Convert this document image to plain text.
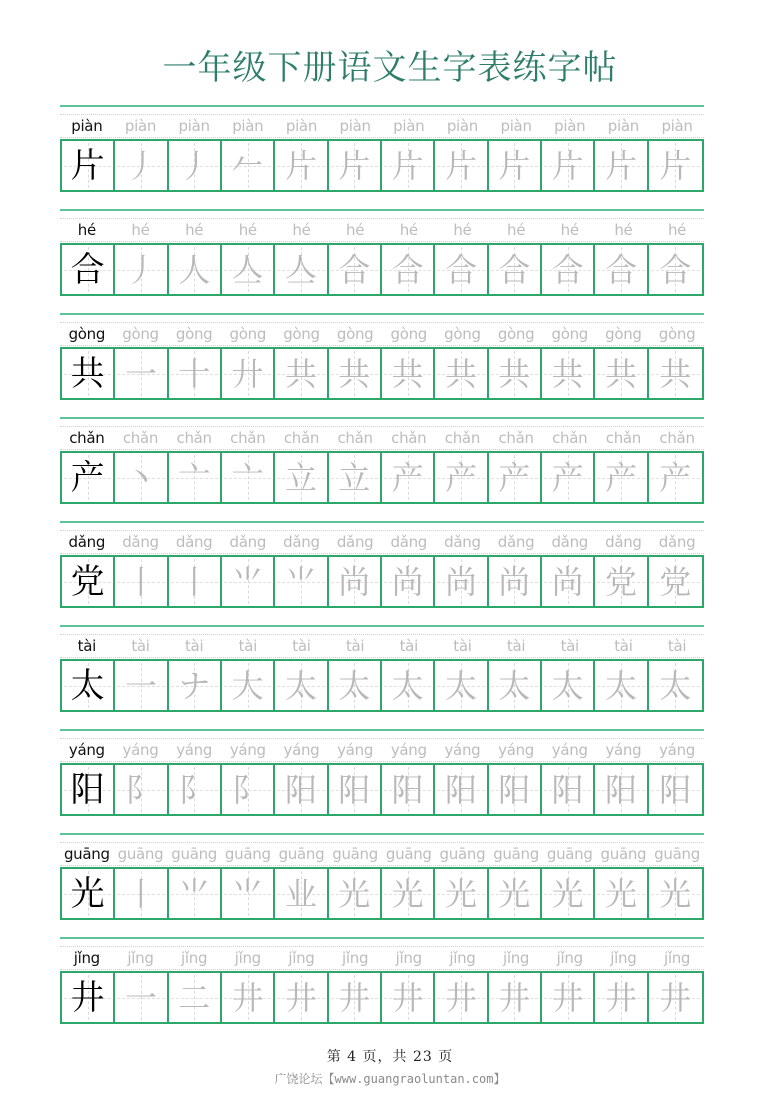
一年级下册语文生字表练字帖
piàn	piàn	piàn	piàn	piàn	piàn	piàn	piàn	piàn	piàn	piàn	piàn
片 丿 丿 𠂉 片 片 片 片 片 片 片 片
hé	hé	hé	hé	hé	hé	hé	hé	hé	hé	hé	hé
合 丿 人 亼 亼 合 合 合 合 合 合 合
gòng	gòng	gòng	gòng	gòng	gòng	gòng	gòng	gòng	gòng	gòng	gòng
共 一 十 廾 共 共 共 共 共 共 共 共
chǎn	chǎn	chǎn	chǎn	chǎn	chǎn	chǎn	chǎn	chǎn	chǎn	chǎn	chǎn
产 丶 亠 亠 立 立 产 产 产 产 产 产
dǎng	dǎng	dǎng	dǎng	dǎng	dǎng	dǎng	dǎng	dǎng	dǎng	dǎng	dǎng
党 丨 丨 ⺌ ⺌ 尚 尚 尚 尚 尚 党 党
tài	tài	tài	tài	tài	tài	tài	tài	tài	tài	tài	tài
太 一 ナ 大 太 太 太 太 太 太 太 太
yáng	yáng	yáng	yáng	yáng	yáng	yáng	yáng	yáng	yáng	yáng	yáng
阳 阝 阝 阝 阳 阳 阳 阳 阳 阳 阳 阳
guāng guāng guāng guāng guāng guāng guāng guāng guāng guāng guāng guāng
光 丨 ⺌ ⺌ 业 光 光 光 光 光 光 光
jǐng	jǐng	jǐng	jǐng	jǐng	jǐng	jǐng	jǐng	jǐng	jǐng	jǐng	jǐng
井 一 二 井 井 井 井 井 井 井 井 井
第 4 页，共 23 页
广饶论坛【www.guangraoluntan.com】
